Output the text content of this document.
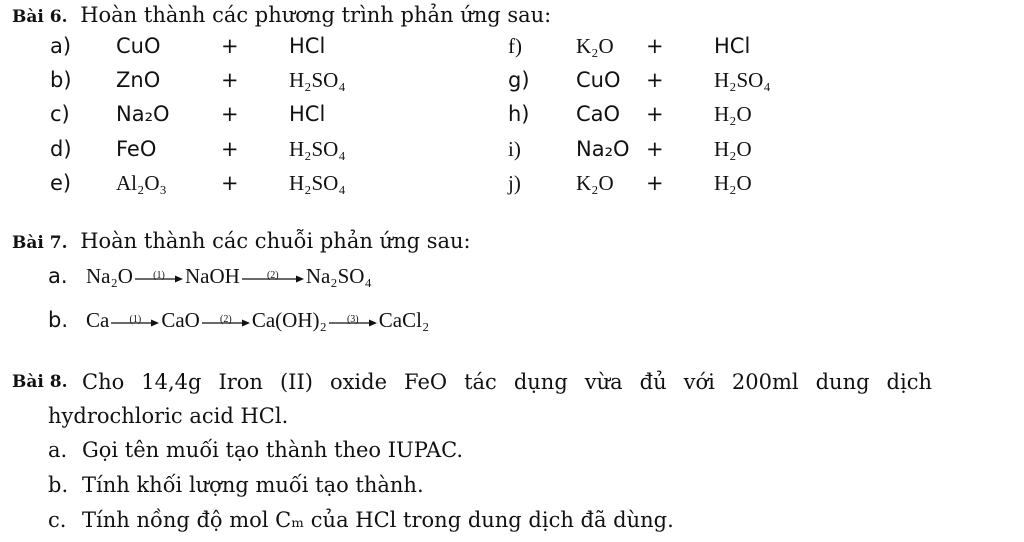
Bài 6. Hoàn thành các phương trình phản ứng sau:
a) CuO	+ HCl
b) ZnO	+ H₂SO₄
c) Na₂O + HCl
d) FeO	+ H₂SO₄
e) Al₂O₃	+ H₂SO₄
f)	K₂O + HCl
g) CuO + H₂SO₄
h) CaO + H₂O
i)	Na₂O + H₂O
j)	K₂O + H₂O
Bài 7. Hoàn thành các chuỗi phản ứng sau:
a. Na₂O	(1) NaOH	(2)	Na₂SO₄
b. Ca	(1) CaO	(2) Ca(OH)₂	(3) CaCl₂
Bài 8. Cho 14,4g Iron (II) oxide FeO tác dụng vừa đủ với 200ml dung dịch
hydrochloric acid HCl.
a. Gọi tên muối tạo thành theo IUPAC.
b. Tính khối lượng muối tạo thành.
c. Tính nồng độ mol Cₘ của HCl trong dung dịch đã dùng.
